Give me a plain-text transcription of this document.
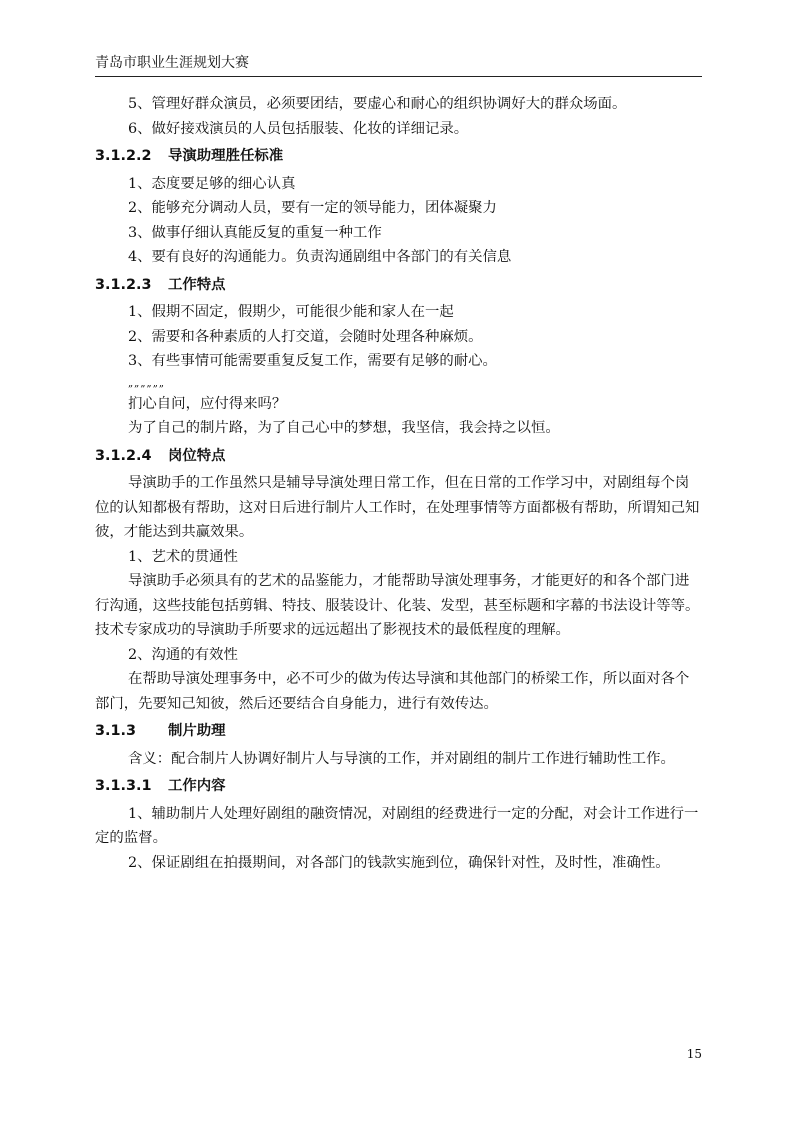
青岛市职业生涯规划大赛

5、管理好群众演员，必须要团结，要虚心和耐心的组织协调好大的群众场面。

6、做好接戏演员的人员包括服装、化妆的详细记录。

3.1.2.2	导演助理胜任标准

1、态度要足够的细心认真

2、能够充分调动人员，要有一定的领导能力，团体凝聚力

3、做事仔细认真能反复的重复一种工作

4、要有良好的沟通能力。负责沟通剧组中各部门的有关信息

3.1.2.3	工作特点

1、假期不固定，假期少，可能很少能和家人在一起

2、需要和各种素质的人打交道，会随时处理各种麻烦。

3、有些事情可能需要重复反复工作，需要有足够的耐心。

„„„„„„

扪心自问，应付得来吗？

为了自己的制片路，为了自己心中的梦想，我坚信，我会持之以恒。

3.1.2.4	岗位特点

导演助手的工作虽然只是辅导导演处理日常工作，但在日常的工作学习中，对剧组每个岗位的认知都极有帮助，这对日后进行制片人工作时，在处理事情等方面都极有帮助，所谓知己知彼，才能达到共赢效果。

1、艺术的贯通性

导演助手必须具有的艺术的品鉴能力，才能帮助导演处理事务，才能更好的和各个部门进行沟通，这些技能包括剪辑、特技、服装设计、化装、发型，甚至标题和字幕的书法设计等等。技术专家成功的导演助手所要求的远远超出了影视技术的最低程度的理解。

2、沟通的有效性

在帮助导演处理事务中，必不可少的做为传达导演和其他部门的桥梁工作，所以面对各个部门，先要知己知彼，然后还要结合自身能力，进行有效传达。

3.1.3	制片助理

含义：配合制片人协调好制片人与导演的工作，并对剧组的制片工作进行辅助性工作。

3.1.3.1	工作内容

1、辅助制片人处理好剧组的融资情况，对剧组的经费进行一定的分配，对会计工作进行一定的监督。

2、保证剧组在拍摄期间，对各部门的钱款实施到位，确保针对性，及时性，准确性。

15
